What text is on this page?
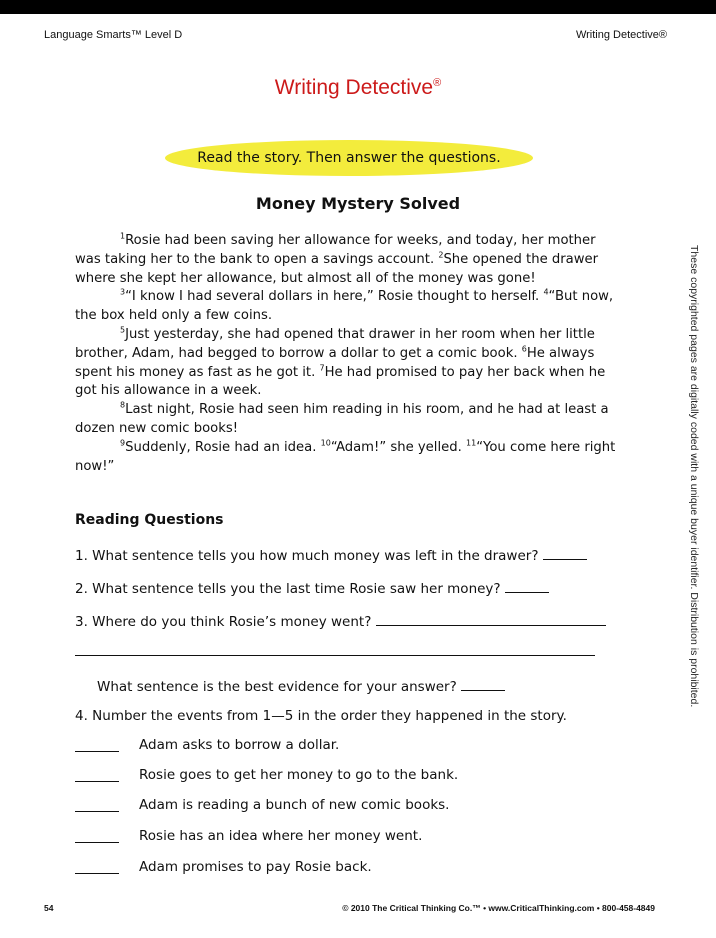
Language Smarts™ Level D	Writing Detective®
Writing Detective®
Read the story. Then answer the questions.
Money Mystery Solved

$^1$Rosie had been saving her allowance for weeks, and today, her mother was taking her to the bank to open a savings account. $^2$She opened the drawer where she kept her allowance, but almost all of the money was gone!

$^3$“I know I had several dollars in here,” Rosie thought to herself. $^4$“But now, the box held only a few coins.

$^5$Just yesterday, she had opened that drawer in her room when her little brother, Adam, had begged to borrow a dollar to get a comic book. $^6$He always spent his money as fast as he got it. $^7$He had promised to pay her back when he got his allowance in a week.

$^8$Last night, Rosie had seen him reading in his room, and he had at least a dozen new comic books!

$^9$Suddenly, Rosie had an idea. $^{10}$“Adam!” she yelled. $^{11}$“You come here right now!”

Reading Questions
1. What sentence tells you how much money was left in the drawer?
2. What sentence tells you the last time Rosie saw her money?
3. Where do you think Rosie’s money went?
What sentence is the best evidence for your answer?
4. Number the events from 1—5 in the order they happened in the story.
Adam asks to borrow a dollar.
Rosie goes to get her money to go to the bank.
Adam is reading a bunch of new comic books.
Rosie has an idea where her money went.
Adam promises to pay Rosie back.
These copyrighted pages are digitally coded with a unique buyer identifier. Distribution is prohibited.
54	© 2010 The Critical Thinking Co.™ • www.CriticalThinking.com • 800-458-4849
